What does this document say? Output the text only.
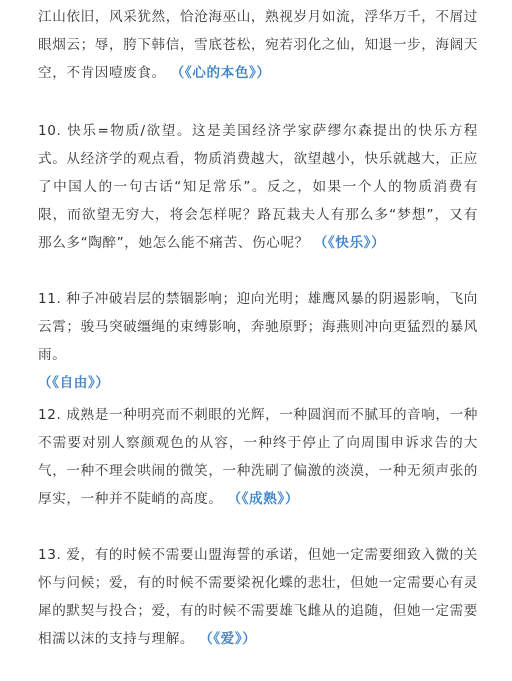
江山依旧，风采犹然，恰沧海巫山，熟视岁月如流，浮华万千，不屑过眼烟云；辱，胯下韩信，雪底苍松，宛若羽化之仙，知退一步，海阔天空，不肯因噎废食。 （《心的本色》）

10. 快乐=物质/欲望。这是美国经济学家萨缪尔森提出的快乐方程式。从经济学的观点看，物质消费越大，欲望越小，快乐就越大，正应了中国人的一句古话“知足常乐”。反之，如果一个人的物质消费有限，而欲望无穷大，将会怎样呢？路瓦栽夫人有那么多“梦想”，又有那么多“陶醉”，她怎么能不痛苦、伤心呢？ （《快乐》）

11. 种子冲破岩层的禁锢影响；迎向光明；雄鹰风暴的阴遏影响，飞向云霄；骏马突破缰绳的束缚影响，奔驰原野；海燕则冲向更猛烈的暴风雨。
（《自由》）

12. 成熟是一种明亮而不刺眼的光辉，一种圆润而不腻耳的音响，一种不需要对别人察颜观色的从容，一种终于停止了向周围申诉求告的大气，一种不理会哄闹的微笑，一种洗刷了偏激的淡漠，一种无须声张的厚实，一种并不陡峭的高度。 （《成熟》）

13. 爱，有的时候不需要山盟海誓的承诺，但她一定需要细致入微的关怀与问候；爱，有的时候不需要梁祝化蝶的悲壮，但她一定需要心有灵犀的默契与投合；爱，有的时候不需要雄飞雌从的追随，但她一定需要相濡以沫的支持与理解。 （《爱》）
